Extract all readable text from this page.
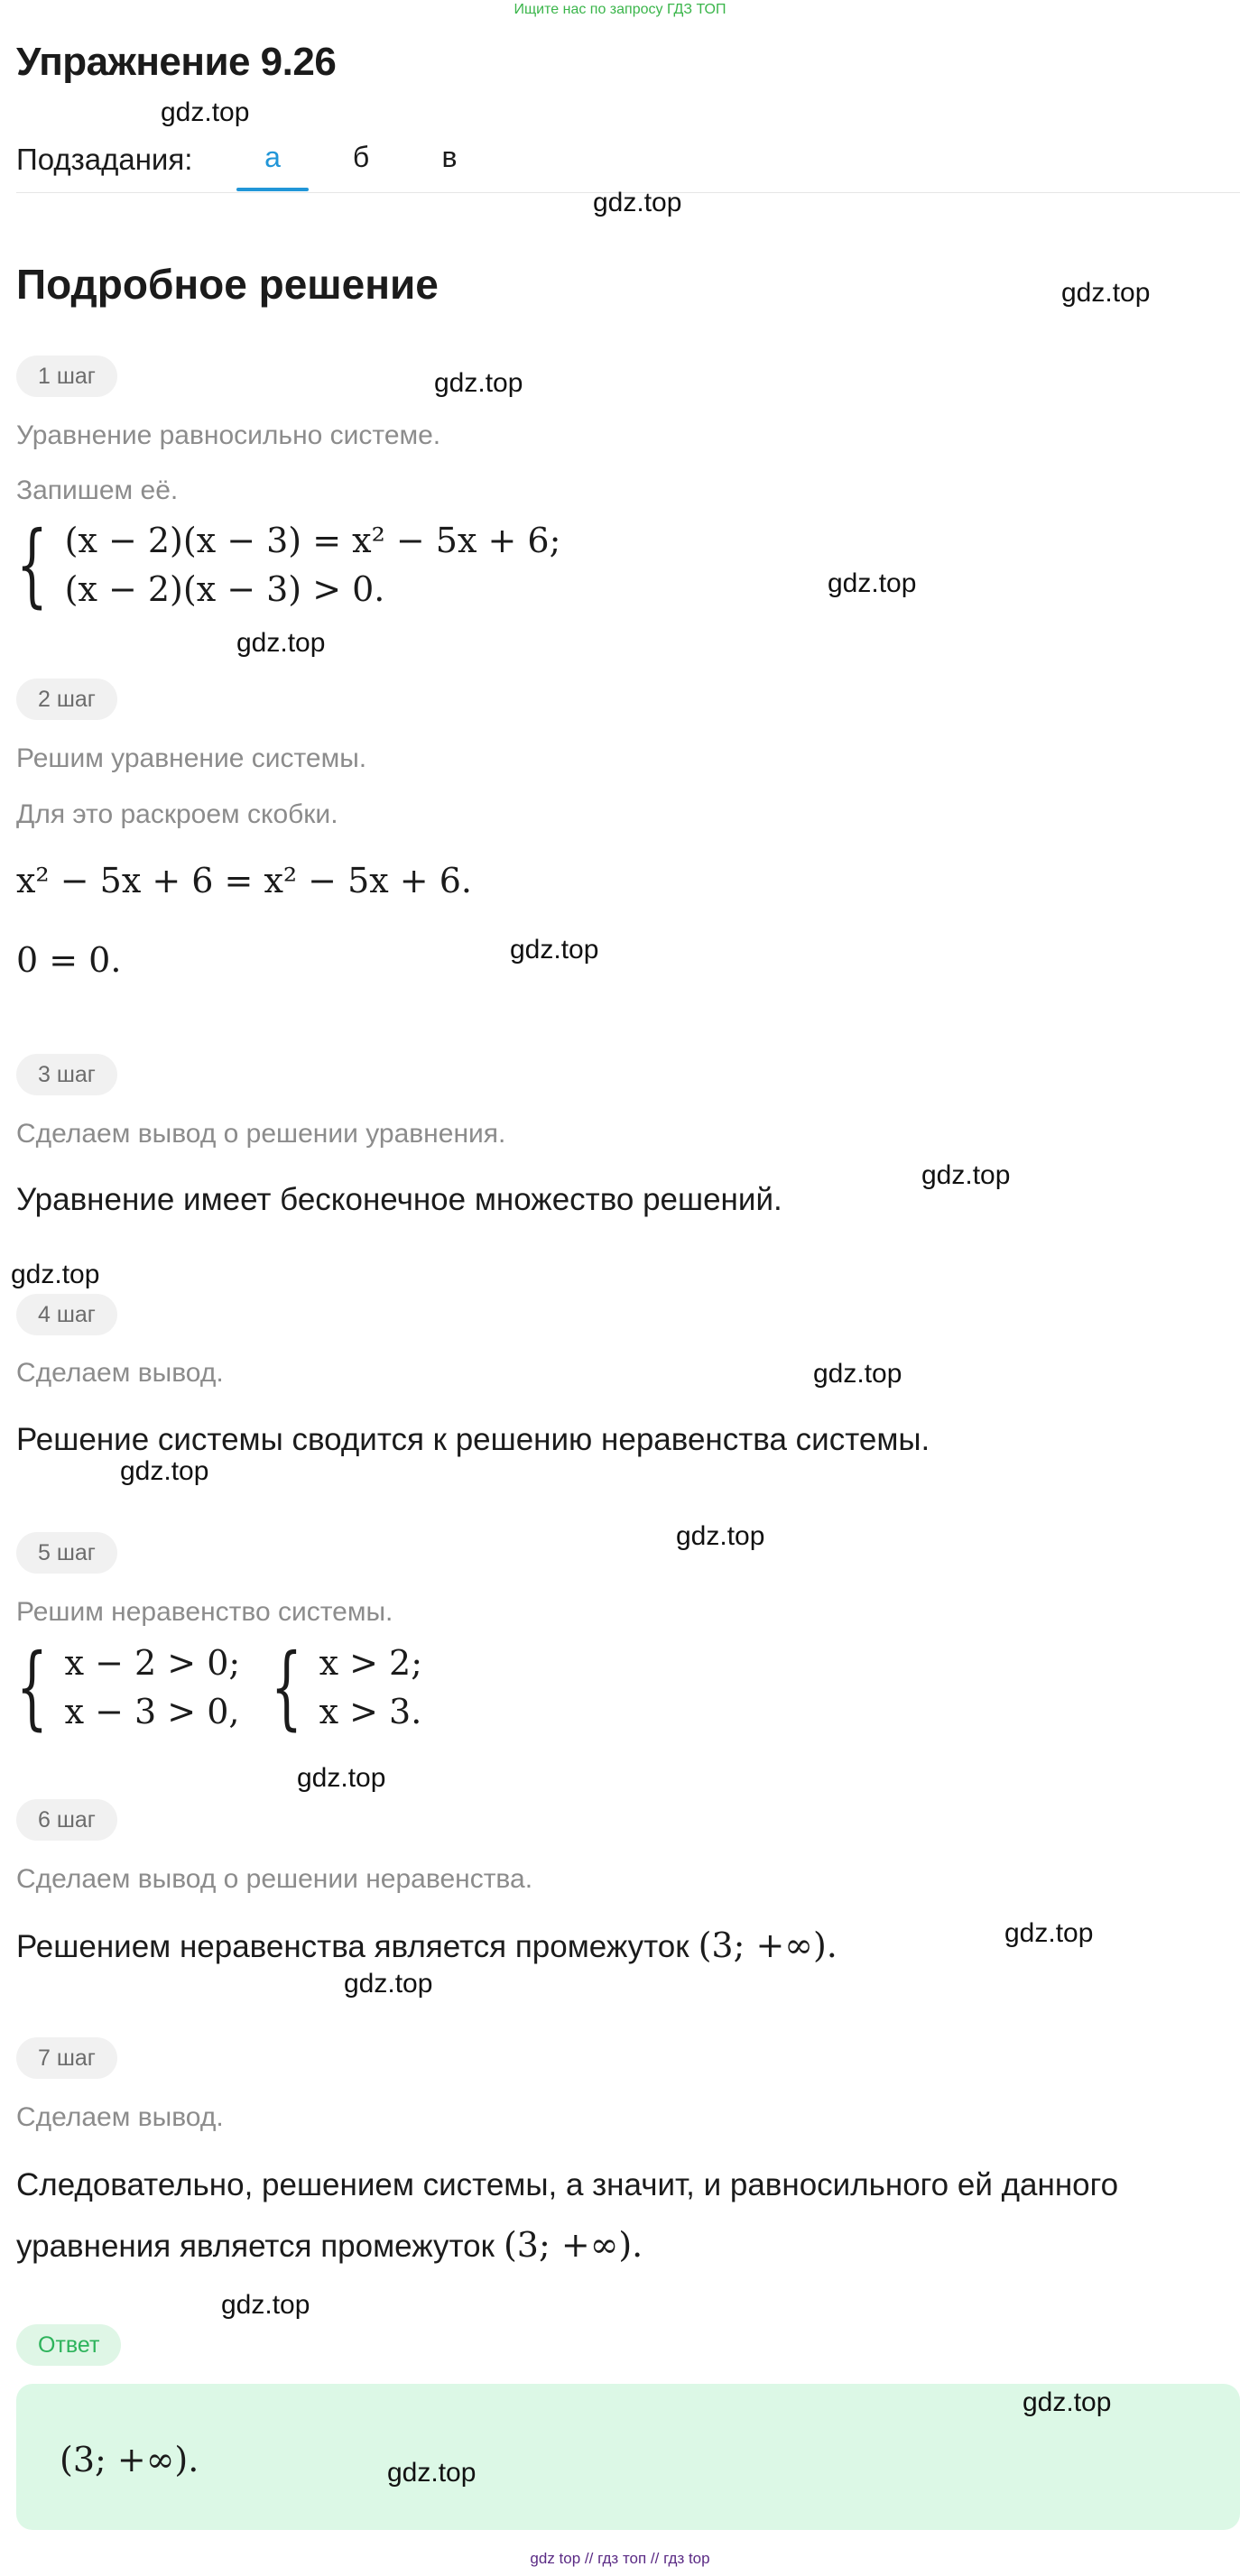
Ищите нас по запросу ГДЗ ТОП
Упражнение 9.26
Подзадания:	а	б	в
Подробное решение
1 шаг
Уравнение равносильно системе.
Запишем её.
{ (x − 2)(x − 3) = x² − 5x + 6;
(x − 2)(x − 3) > 0.
2 шаг
Решим уравнение системы.
Для это раскроем скобки.
x² − 5x + 6 = x² − 5x + 6.
0 = 0.
3 шаг
Сделаем вывод о решении уравнения.
Уравнение имеет бесконечное множество решений.
4 шаг
Сделаем вывод.
Решение системы сводится к решению неравенства системы.
5 шаг
Решим неравенство системы.
{ x − 2 > 0;
x − 3 > 0, { x > 2;
x > 3.
6 шаг
Сделаем вывод о решении неравенства.
Решением неравенства является промежуток (3; +∞).
7 шаг
Сделаем вывод.
Следовательно, решением системы, а значит, и равносильного ей данного
уравнения является промежуток (3; +∞).
Ответ
(3; +∞).
gdz.top
gdz.top
gdz.top
gdz.top
gdz.top
gdz.top
gdz.top
gdz.top
gdz.top
gdz.top
gdz.top
gdz.top
gdz.top
gdz.top
gdz.top
gdz.top
gdz.top
gdz.top
gdz top // гдз топ // гдз top
